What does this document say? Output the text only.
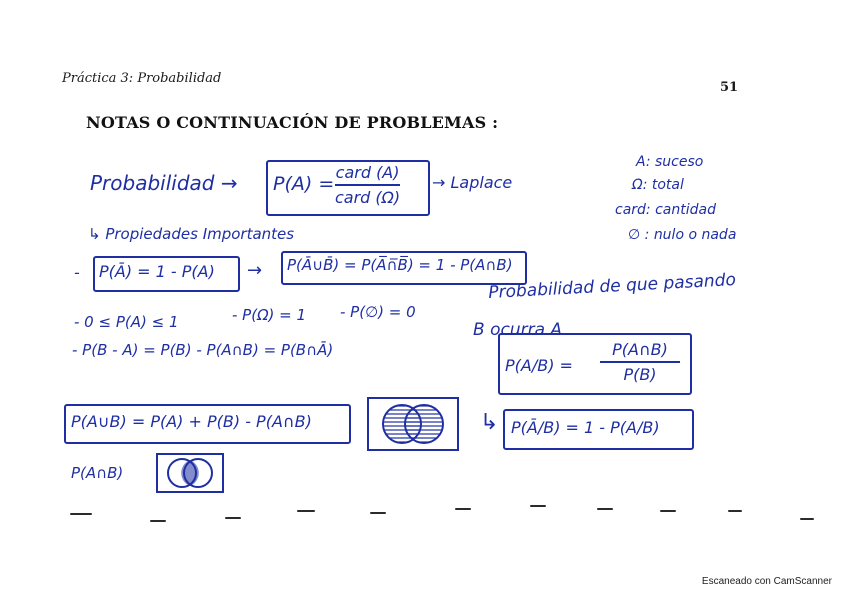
Práctica 3: Probabilidad
51
NOTAS O CONTINUACIÓN DE PROBLEMAS :
Probabilidad → P(A) =
card (A)
card (Ω)
→ Laplace
A: suceso
Ω: total
card: cantidad
∅ : nulo o nada
↳ Propiedades Importantes
- P(Ā) = 1 - P(A) → P(Ā∪B̄) = P(A̅∩̅B̅) = 1 - P(A∩B)
- 0 ≤ P(A) ≤ 1	- P(Ω) = 1 - P(∅) = 0
- P(B - A) = P(B) - P(A∩B) = P(B∩Ā)
Probabilidad de que pasando
B ocurra A
P(A/B) =
P(A∩B)
P(B)
↳ P(Ā/B) = 1 - P(A/B)
P(A∪B) = P(A) + P(B) - P(A∩B)
P(A∩B)
Escaneado con CamScanner
